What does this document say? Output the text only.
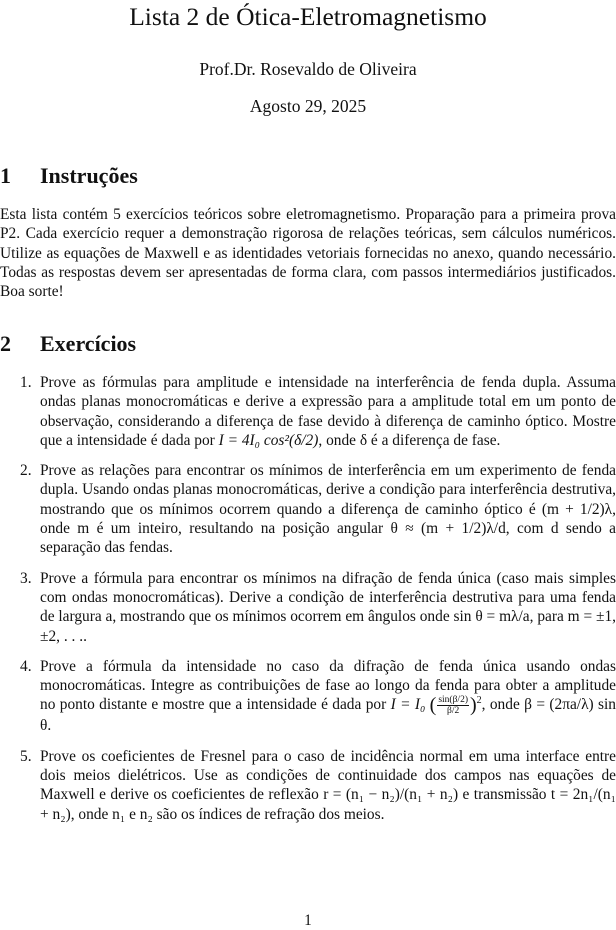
Lista 2 de Ótica-Eletromagnetismo
Prof.Dr. Rosevaldo de Oliveira
Agosto 29, 2025
1 Instruções
Esta lista contém 5 exercícios teóricos sobre eletromagnetismo. Proparação para a primeira prova P2. Cada exercício requer a demonstração rigorosa de relações teóricas, sem cálculos numéricos. Utilize as equações de Maxwell e as identidades vetoriais fornecidas no anexo, quando necessário. Todas as respostas devem ser apresentadas de forma clara, com passos intermediários justificados. Boa sorte!
2 Exercícios
1. Prove as fórmulas para amplitude e intensidade na interferência de fenda dupla. Assuma ondas planas monocromáticas e derive a expressão para a amplitude total em um ponto de observação, considerando a diferença de fase devido à diferença de caminho óptico. Mostre que a intensidade é dada por I = 4I₀ cos²(δ/2), onde δ é a diferença de fase.
2. Prove as relações para encontrar os mínimos de interferência em um experimento de fenda dupla. Usando ondas planas monocromáticas, derive a condição para interferência destrutiva, mostrando que os mínimos ocorrem quando a diferença de caminho óptico é (m + 1/2)λ, onde m é um inteiro, resultando na posição angular θ ≈ (m + 1/2)λ/d, com d sendo a separação das fendas.
3. Prove a fórmula para encontrar os mínimos na difração de fenda única (caso mais simples com ondas monocromáticas). Derive a condição de interferência destrutiva para uma fenda de largura a, mostrando que os mínimos ocorrem em ângulos onde sin θ = mλ/a, para m = ±1, ±2, . . ..
4. Prove a fórmula da intensidade no caso da difração de fenda única usando ondas monocromáticas. Integre as contribuições de fase ao longo da fenda para obter a amplitude no ponto distante e mostre que a intensidade é dada por I = I₀ ( $\frac{\sin(\beta/2)}{\beta/2} )^2$, onde β = (2πa/λ) sin θ.
5. Prove os coeficientes de Fresnel para o caso de incidência normal em uma interface entre dois meios dielétricos. Use as condições de continuidade dos campos nas equações de Maxwell e derive os coeficientes de reflexão r = (n₁ − n₂)/(n₁ + n₂) e transmissão t = 2n₁/(n₁ + n₂), onde n₁ e n₂ são os índices de refração dos meios.
1
